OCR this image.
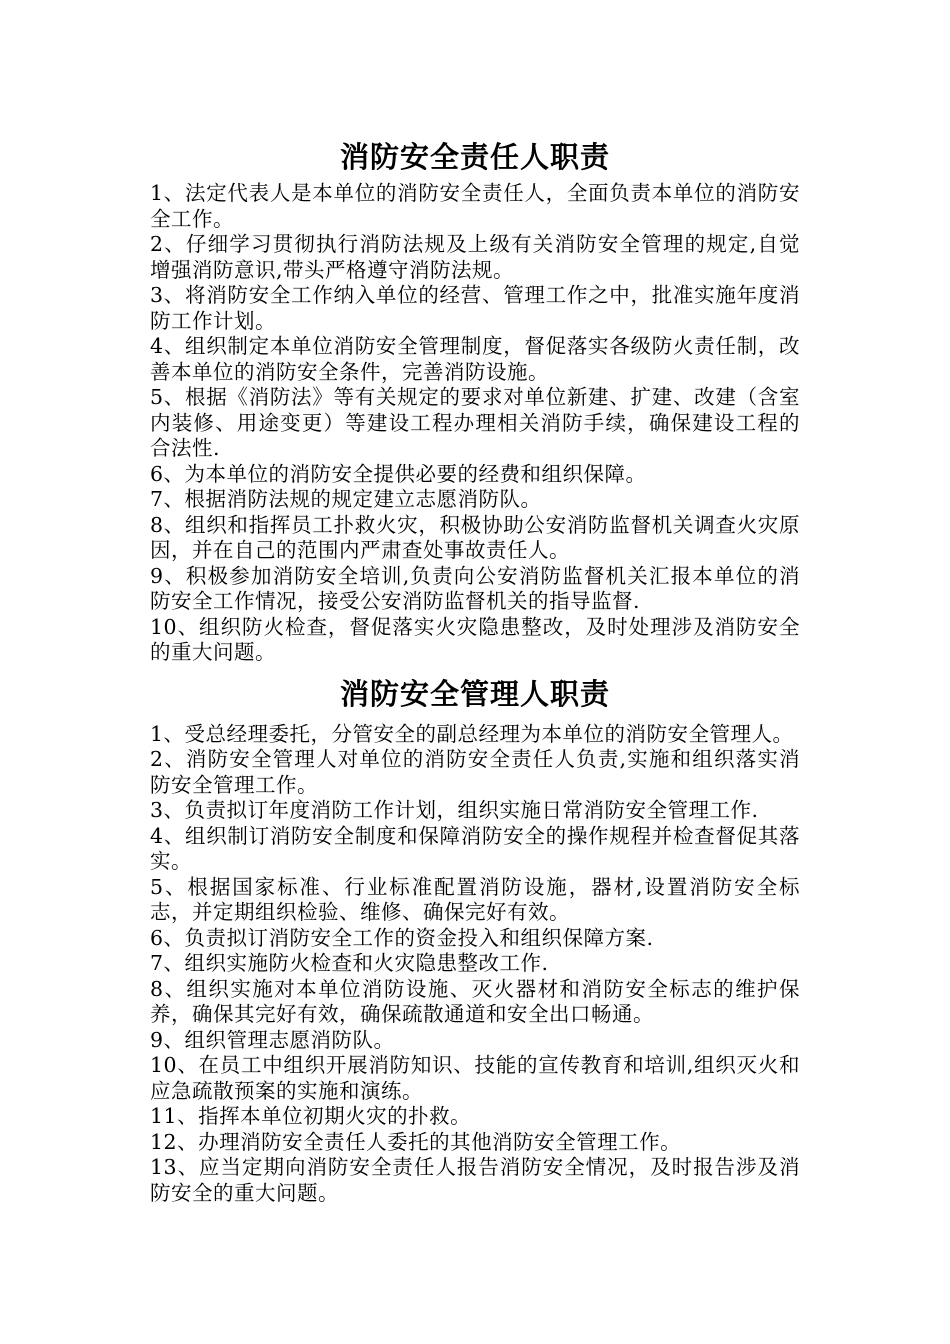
消防安全责任人职责
1、法定代表人是本单位的消防安全责任人，全面负责本单位的消防安全工作。
2、仔细学习贯彻执行消防法规及上级有关消防安全管理的规定,自觉增强消防意识,带头严格遵守消防法规。
3、将消防安全工作纳入单位的经营、管理工作之中，批准实施年度消防工作计划。
4、组织制定本单位消防安全管理制度，督促落实各级防火责任制，改善本单位的消防安全条件，完善消防设施。
5、根据《消防法》等有关规定的要求对单位新建、扩建、改建（含室内装修、用途变更）等建设工程办理相关消防手续，确保建设工程的合法性.
6、为本单位的消防安全提供必要的经费和组织保障。
7、根据消防法规的规定建立志愿消防队。
8、组织和指挥员工扑救火灾，积极协助公安消防监督机关调查火灾原因，并在自己的范围内严肃查处事故责任人。
9、积极参加消防安全培训,负责向公安消防监督机关汇报本单位的消防安全工作情况，接受公安消防监督机关的指导监督.
10、组织防火检查，督促落实火灾隐患整改，及时处理涉及消防安全的重大问题。
消防安全管理人职责
1、受总经理委托，分管安全的副总经理为本单位的消防安全管理人。
2、消防安全管理人对单位的消防安全责任人负责,实施和组织落实消防安全管理工作。
3、负责拟订年度消防工作计划，组织实施日常消防安全管理工作.
4、组织制订消防安全制度和保障消防安全的操作规程并检查督促其落实。
5、根据国家标准、行业标准配置消防设施，器材,设置消防安全标志，并定期组织检验、维修、确保完好有效。
6、负责拟订消防安全工作的资金投入和组织保障方案.
7、组织实施防火检查和火灾隐患整改工作.
8、组织实施对本单位消防设施、灭火器材和消防安全标志的维护保养，确保其完好有效，确保疏散通道和安全出口畅通。
9、组织管理志愿消防队。
10、在员工中组织开展消防知识、技能的宣传教育和培训,组织灭火和应急疏散预案的实施和演练。
11、指挥本单位初期火灾的扑救。
12、办理消防安全责任人委托的其他消防安全管理工作。
13、应当定期向消防安全责任人报告消防安全情况，及时报告涉及消防安全的重大问题。
